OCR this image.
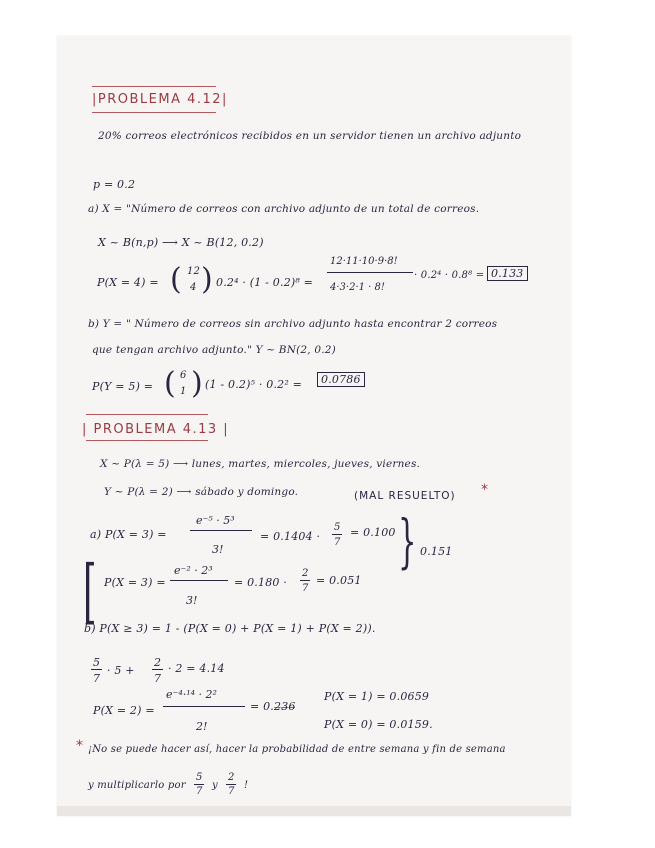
|PROBLEMA 4.12|
20% correos electrónicos recibidos en un servidor tienen un archivo adjunto
p = 0.2
a) X = "Número de correos con archivo adjunto de un total de correos.
X ~ B(n,p) ⟶ X ~ B(12, 0.2)
P(X = 4) = ( 12
4 ) 0.2⁴ · (1 - 0.2)⁸ =
12·11·10·9·8!
4·3·2·1 · 8!
· 0.2⁴ · 0.8⁸ = 0.133
b) Y = " Número de correos sin archivo adjunto hasta encontrar 2 correos
que tengan archivo adjunto." Y ~ BN(2, 0.2)
P(Y = 5) = ( 6
1 ) (1 - 0.2)⁵ · 0.2² =	0.0786
| PROBLEMA 4.13 |
X ~ P(λ = 5) ⟶ lunes, martes, miercoles, jueves, viernes.
Y ~ P(λ = 2) ⟶ sábado y domingo.	(MAL RESUELTO) *
a) P(X = 3) =
e⁻⁵ · 5³
3!
= 0.1404 ·
5
7
= 0.100 } 0.151
[ P(X = 3) =
e⁻² · 2³
3!
= 0.180 ·
2
7
= 0.051
b) P(X ≥ 3) = 1 - (P(X = 0) + P(X = 1) + P(X = 2)).
5
7
· 5 +
2
7
· 2 = 4.14
P(X = 2) =
e⁻⁴·¹⁴ · 2²
2!
= 0.2̶3̶6̶
P(X = 1) = 0.0659
P(X = 0) = 0.0159.
* ¡No se puede hacer así, hacer la probabilidad de entre semana y fin de semana
y multiplicarlo por
5
7
y
2
7
!
